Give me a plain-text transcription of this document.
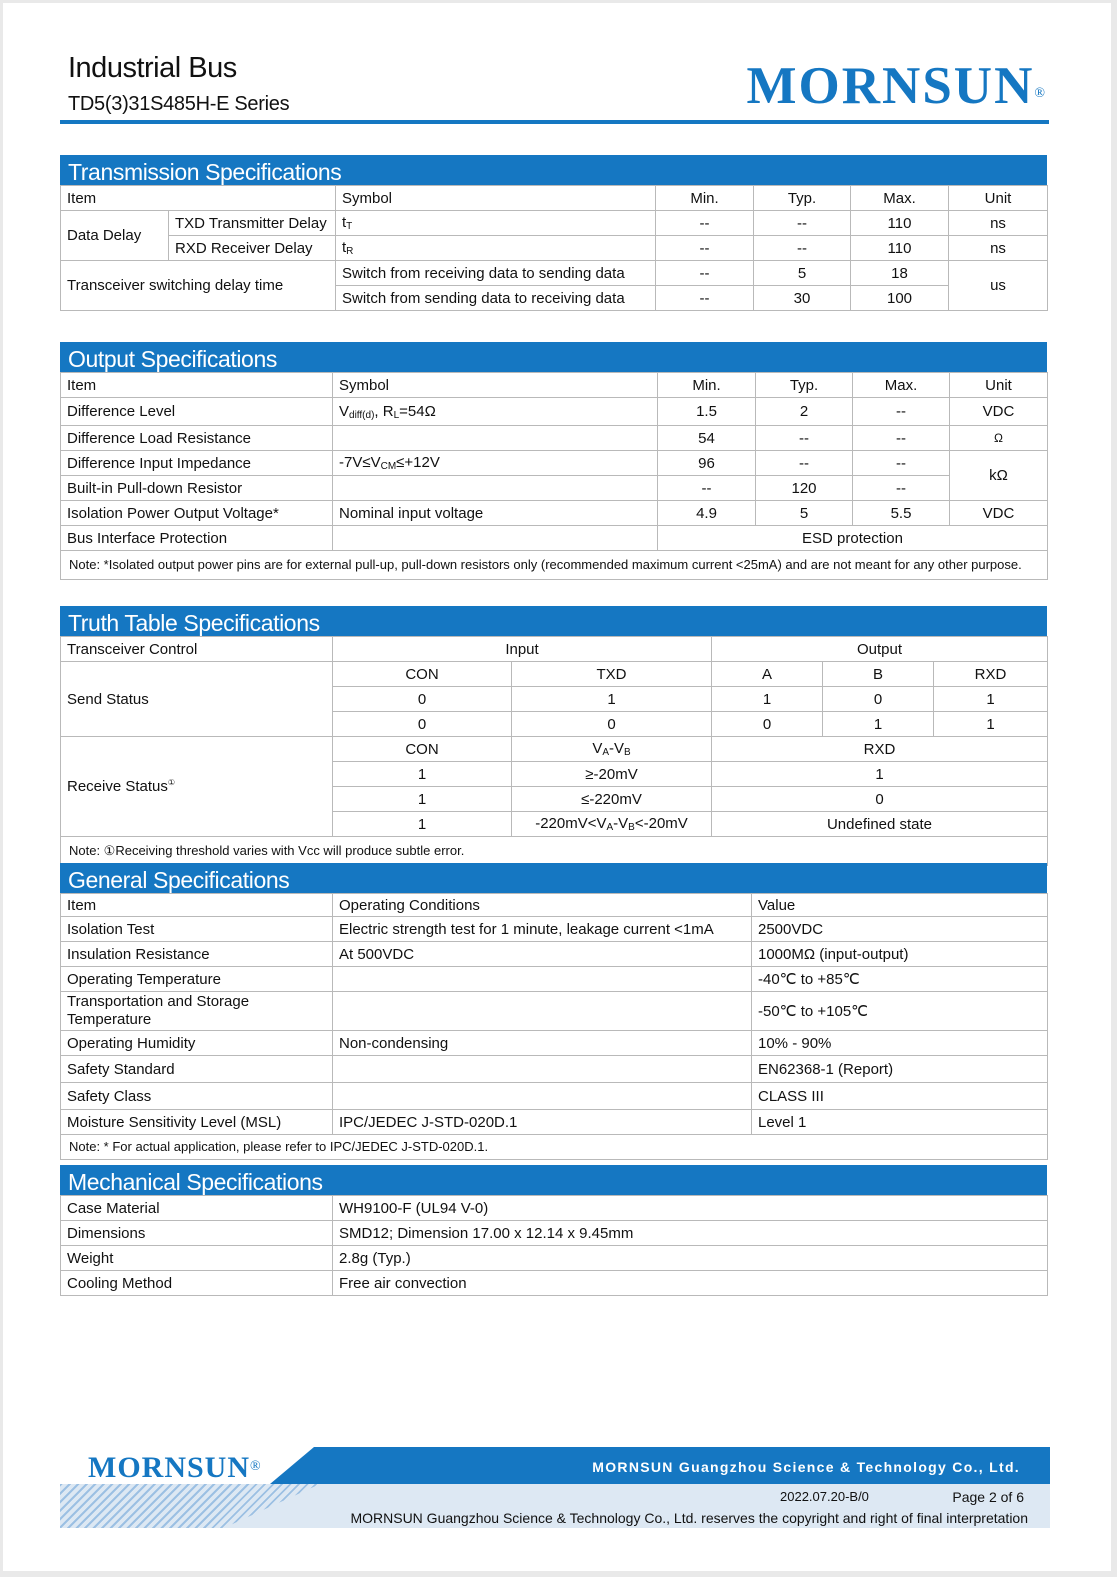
Industrial Bus
TD5(3)31S485H-E Series	MORNSUN®
Transmission Specifications
Item		Symbol	Min.	Typ.	Max.	Unit
Data Delay	TXD Transmitter Delay	$t_T$	--	--	110	ns
	RXD Receiver Delay	$t_R$	--	--	110	ns
Transceiver switching delay time		Switch from receiving data to sending data	--	5	18	us
		Switch from sending data to receiving data	--	30	100	
Output Specifications
Item	Symbol	Min.	Typ.	Max.	Unit
Difference Level	$V_{diff(d)}$, $R_L=54\Omega$	1.5	2	--	VDC
Difference Load Resistance		54	--	--	Ω
Difference Input Impedance	$-7V\le V_{CM}\le+12V$	96	--	--	kΩ
Built-in Pull-down Resistor		--	120	--	
Isolation Power Output Voltage*	Nominal input voltage	4.9	5	5.5	VDC
Bus Interface Protection		ESD protection			
Note: *Isolated output power pins are for external pull-up, pull-down resistors only (recommended maximum current <25mA) and are not meant for any other purpose.					
Truth Table Specifications
Transceiver Control	Input		Output		
Send Status	CON	TXD	A	B	RXD
	0	1	1	0	1
	0	0	0	1	1
Receive Status①	CON	$V_A-V_B$	RXD		
	1	≥-20mV	1		
	1	≤-220mV	0		
	1	$-220mV<V_A-V_B<-20mV$	Undefined state		
Note: ①Receiving threshold varies with Vcc will produce subtle error.					
General Specifications
Item	Operating Conditions	Value
Isolation Test	Electric strength test for 1 minute, leakage current <1mA	2500VDC
Insulation Resistance	At 500VDC	1000MΩ (input-output)
Operating Temperature		-40℃ to +85℃
Transportation and Storage Temperature		-50℃ to +105℃
Operating Humidity	Non-condensing	10% - 90%
Safety Standard		EN62368-1 (Report)
Safety Class		CLASS III
Moisture Sensitivity Level (MSL)	IPC/JEDEC J-STD-020D.1	Level 1
Note: * For actual application, please refer to IPC/JEDEC J-STD-020D.1.		
Mechanical Specifications
Case Material	WH9100-F (UL94 V-0)
Dimensions	SMD12; Dimension 17.00 x 12.14 x 9.45mm
Weight	2.8g (Typ.)
Cooling Method	Free air convection
MORNSUN®	MORNSUN Guangzhou Science & Technology Co., Ltd.
2022.07.20-B/0	Page 2 of 6
MORNSUN Guangzhou Science & Technology Co., Ltd. reserves the copyright and right of final interpretation
